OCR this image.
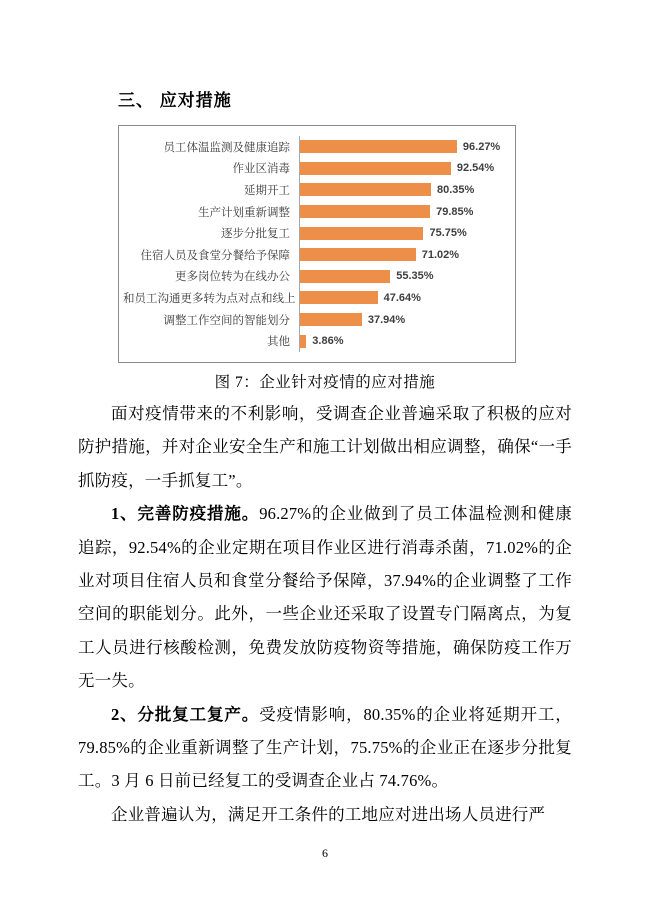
三、 应对措施
员工体温监测及健康追踪	96.27%
作业区消毒	92.54%
延期开工	80.35%
生产计划重新调整	79.85%
逐步分批复工	75.75%
住宿人员及食堂分餐给予保障	71.02%
更多岗位转为在线办公	55.35%
和员工沟通更多转为点对点和线上	47.64%
调整工作空间的智能划分	37.94%
其他	3.86%
图 7：企业针对疫情的应对措施

面对疫情带来的不利影响，受调查企业普遍采取了积极的应对防护措施，并对企业安全生产和施工计划做出相应调整，确保“一手抓防疫，一手抓复工”。

1、完善防疫措施。96.27%的企业做到了员工体温检测和健康追踪，92.54%的企业定期在项目作业区进行消毒杀菌，71.02%的企业对项目住宿人员和食堂分餐给予保障，37.94%的企业调整了工作空间的职能划分。此外，一些企业还采取了设置专门隔离点，为复工人员进行核酸检测，免费发放防疫物资等措施，确保防疫工作万无一失。

2、分批复工复产。受疫情影响，80.35%的企业将延期开工，79.85%的企业重新调整了生产计划，75.75%的企业正在逐步分批复工。3 月 6 日前已经复工的受调查企业占 74.76%。

企业普遍认为，满足开工条件的工地应对进出场人员进行严

6
